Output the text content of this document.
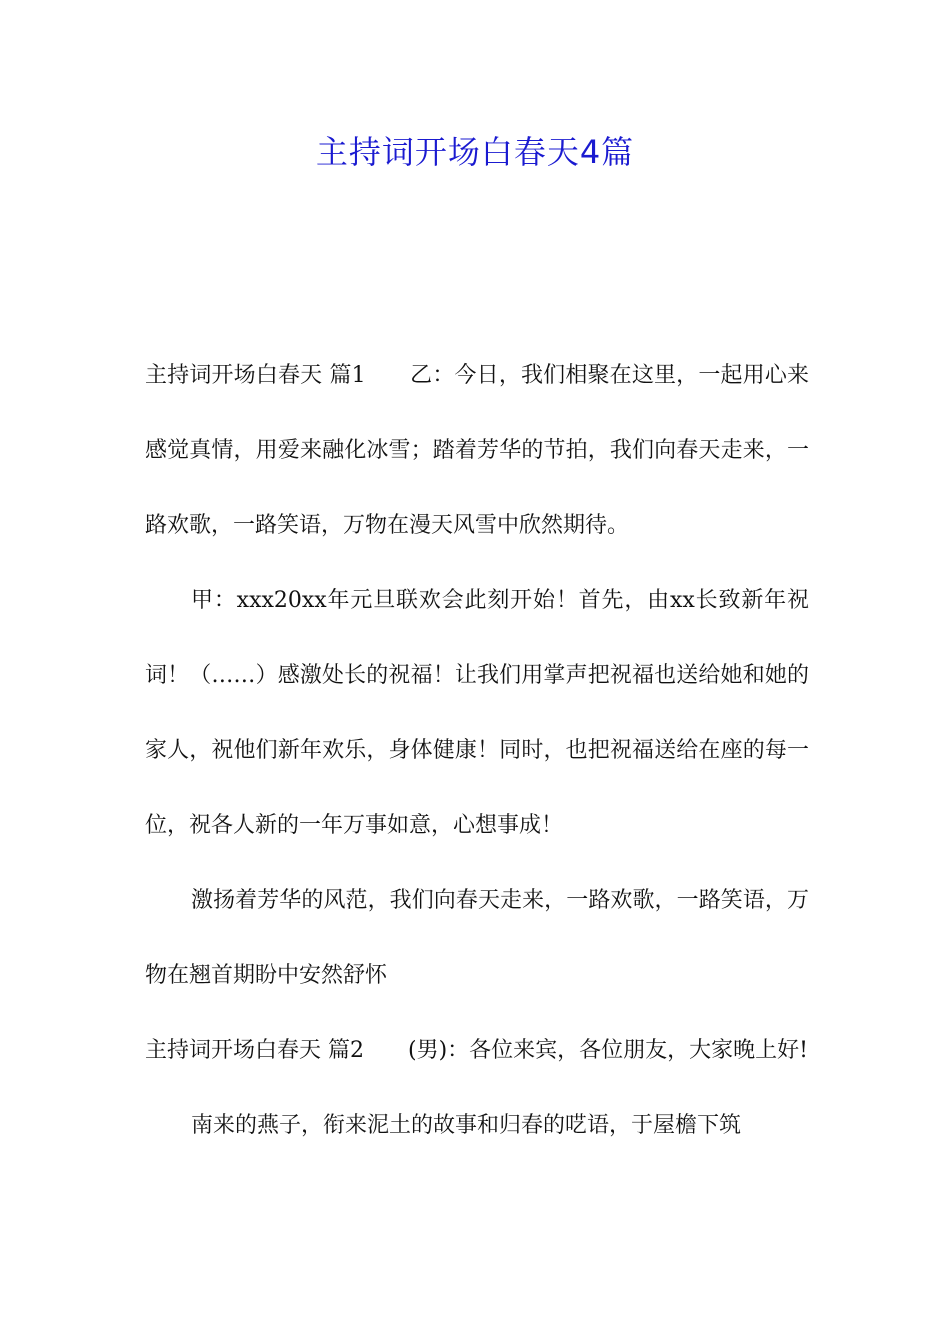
主持词开场白春天4篇

主持词开场白春天 篇1　　乙：今日，我们相聚在这里，一起用心来感觉真情，用爱来融化冰雪；踏着芳华的节拍，我们向春天走来，一路欢歌，一路笑语，万物在漫天风雪中欣然期待。

甲：xxx20xx年元旦联欢会此刻开始！首先，由xx长致新年祝词！（……）感激处长的祝福！让我们用掌声把祝福也送给她和她的家人，祝他们新年欢乐，身体健康！同时，也把祝福送给在座的每一位，祝各人新的一年万事如意，心想事成！

激扬着芳华的风范，我们向春天走来，一路欢歌，一路笑语，万物在翘首期盼中安然舒怀

主持词开场白春天 篇2　　(男)：各位来宾，各位朋友，大家晚上好!

南来的燕子，衔来泥土的故事和归春的呓语，于屋檐下筑
